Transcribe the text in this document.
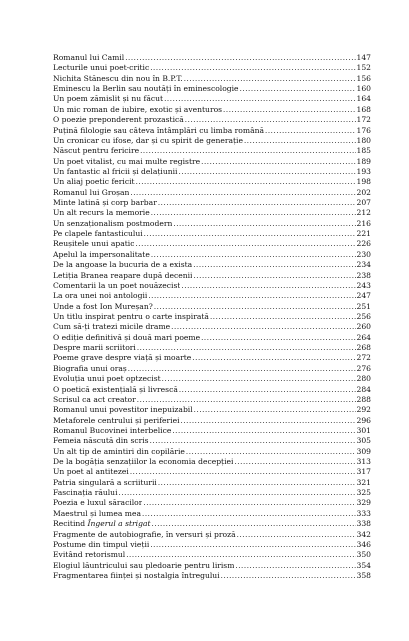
Romanul lui Camil .....	147
Lecturile unui poet-critic .....	152
Nichita Stănescu din nou în B.P.T. .....	156
Eminescu la Berlin sau noutăți în eminescologie .....	160
Un poem zămislit și nu făcut .....	164
Un mic roman de iubire, exotic și aventuros .....	168
O poezie preponderent prozastică .....	172
Puțină filologie sau câteva întâmplări cu limba română .....	176
Un cronicar cu ifose, dar și cu spirit de generație .....	180
Născut pentru fericire .....	185
Un poet vitalist, cu mai multe registre .....	189
Un fantastic al fricii și delațiunii .....	193
Un aliaj poetic fericit .....	198
Romanul lui Groșan .....	202
Minte latină și corp barbar .....	207
Un alt recurs la memorie .....	212
Un senzaționalism postmodern .....	216
Pe clapele fantasticului .....	221
Reușitele unui apatic .....	226
Apelul la impersonalitate .....	230
De la angoase la bucuria de a exista .....	234
Letiția Branea reapare după decenii .....	238
Comentarii la un poet nouăzecist .....	243
La ora unei noi antologii .....	247
Unde a fost Ion Mureșan? .....	251
Un titlu inspirat pentru o carte inspirată .....	256
Cum să-ți tratezi micile drame .....	260
O ediție definitivă și două mari poeme .....	264
Despre marii scriitori .....	268
Poeme grave despre viață și moarte .....	272
Biografia unui oraș .....	276
Evoluția unui poet optzecist .....	280
O poetică existențială și livrescă .....	284
Scrisul ca act creator .....	288
Romanul unui povestitor inepuizabil .....	292
Metaforele centrului și periferiei .....	296
Romanul Bucovinei interbelice .....	301
Femeia născută din scris .....	305
Un alt tip de amintiri din copilărie .....	309
De la bogăția senzațiilor la economia decepției .....	313
Un poet al antitezei .....	317
Patria singulară a scriiturii .....	321
Fascinația răului .....	325
Poezia e luxul săracilor .....	329
Maestrul și lumea mea .....	333
Recitind Îngerul a strigat .....	338
Fragmente de autobiografie, în versuri și proză .....	342
Postume din timpul vieții .....	346
Evitând retorismul .....	350
Elogiul lăuntricului sau pledoarie pentru lirism .....	354
Fragmentarea ființei și nostalgia întregului .....	358
